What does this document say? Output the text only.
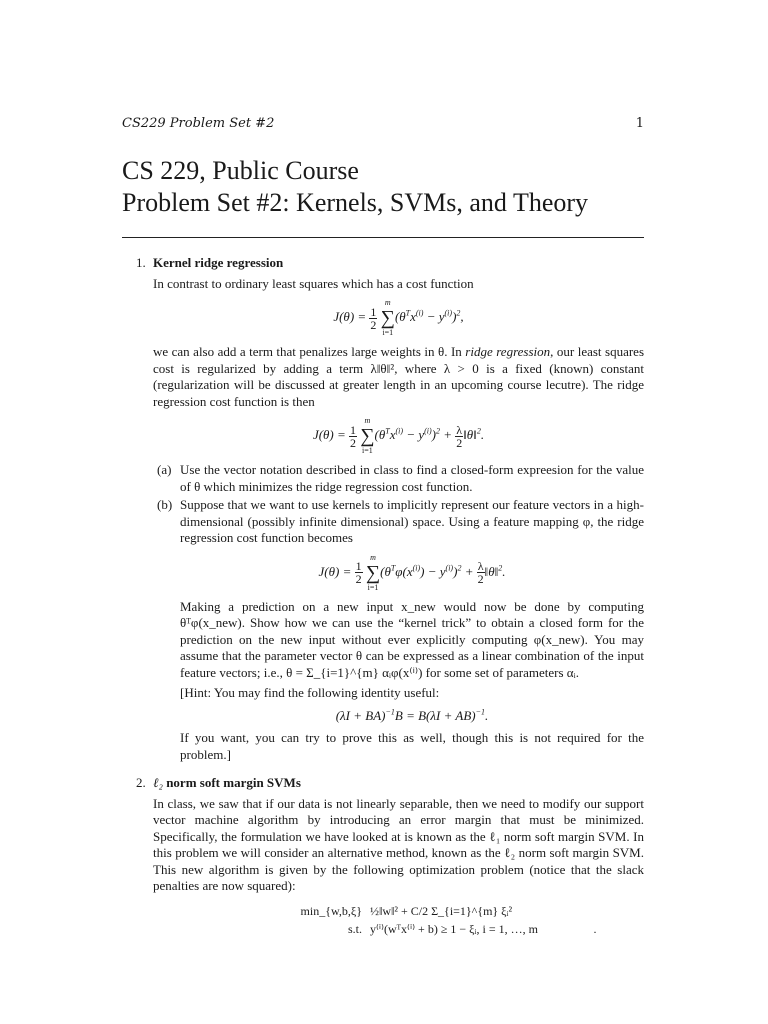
CS229 Problem Set #2	1
CS 229, Public Course
Problem Set #2: Kernels, SVMs, and Theory
1. Kernel ridge regression

In contrast to ordinary least squares which has a cost function

$J(\theta) = \frac{1}{2}$

m
∑
i=1
$(\theta^Tx^{(i)} - y^{(i)})^2$,

we can also add a term that penalizes large weights in θ. In ridge regression, our least squares cost is regularized by adding a term λ‖θ‖², where λ > 0 is a fixed (known) constant (regularization will be discussed at greater length in an upcoming course lecutre). The ridge regression cost function is then

$J(\theta) = \frac{1}{2}$

m
∑
i=1
$(\theta^Tx^{(i)} - y^{(i)})^2 + \frac{\lambda}{2}$ ‖θ‖$^2$.
(a) Use the vector notation described in class to find a closed-form expreesion for the value of θ which minimizes the ridge regression cost function.

(b) Suppose that we want to use kernels to implicitly represent our feature vectors in a high-dimensional (possibly infinite dimensional) space. Using a feature mapping φ, the ridge regression cost function becomes

$J(\theta) = \frac{1}{2}$

m
∑
i=1
$(\theta^T\varphi(x^{(i)}) - y^{(i)})^2 + \frac{\lambda}{2}$ ‖θ‖$^2$.

Making a prediction on a new input x_new would now be done by computing θᵀφ(x_new). Show how we can use the “kernel trick” to obtain a closed form for the prediction on the new input without ever explicitly computing φ(x_new). You may assume that the parameter vector θ can be expressed as a linear combination of the input feature vectors; i.e., θ = Σ_{i=1}^{m} αᵢφ(x⁽ⁱ⁾) for some set of parameters αᵢ.

[Hint: You may find the following identity useful:

(λI + BA)$^{-1}$B = B(λI + AB)$^{-1}$.

If you want, you can try to prove this as well, though this is not required for the problem.]

2. ℓ₂ norm soft margin SVMs

In class, we saw that if our data is not linearly separable, then we need to modify our support vector machine algorithm by introducing an error margin that must be minimized. Specifically, the formulation we have looked at is known as the ℓ₁ norm soft margin SVM. In this problem we will consider an alternative method, known as the ℓ₂ norm soft margin SVM. This new algorithm is given by the following optimization problem (notice that the slack penalties are now squared):

min_{w,b,ξ} ½‖w‖² + C/2 Σ_{i=1}^{m} ξᵢ²
s.t. y⁽ⁱ⁾(wᵀx⁽ⁱ⁾ + b) ≥ 1 − ξᵢ, i = 1, …, m	.
